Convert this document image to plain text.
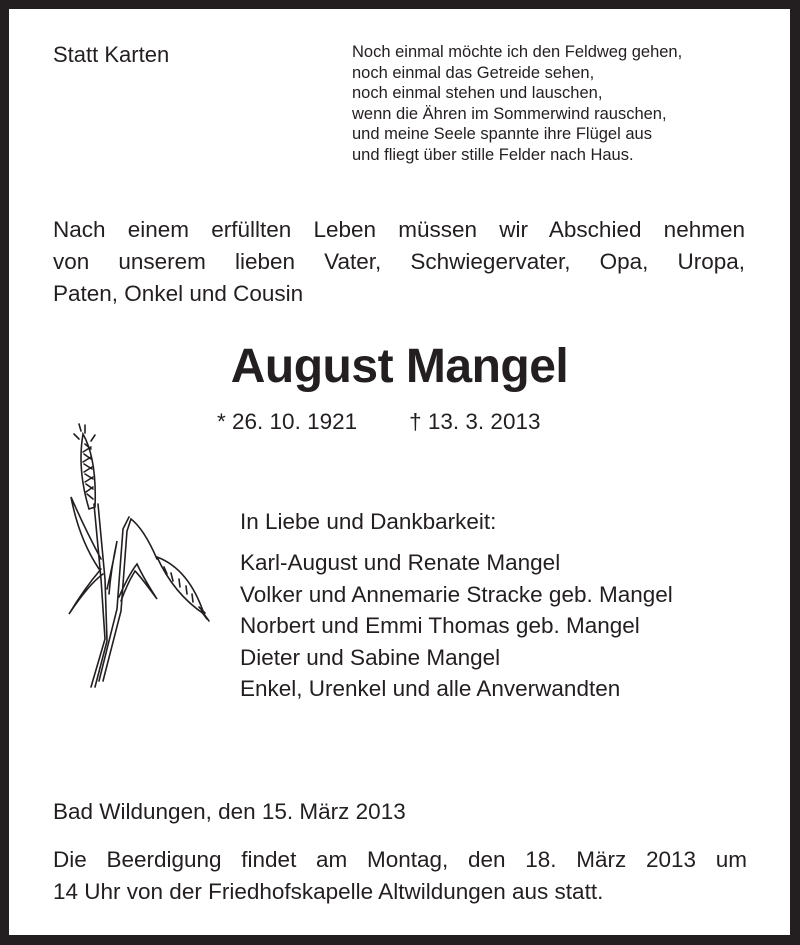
Statt Karten	Noch einmal möchte ich den Feldweg gehen,
noch einmal das Getreide sehen,
noch einmal stehen und lauschen,
wenn die Ähren im Sommerwind rauschen,
und meine Seele spannte ihre Flügel aus
und fliegt über stille Felder nach Haus.
Nach einem erfüllten Leben müssen wir Abschied nehmen
von unserem lieben Vater, Schwiegervater, Opa, Uropa,
Paten, Onkel und Cousin
August Mangel
* 26. 10. 1921 † 13. 3. 2013
In Liebe und Dankbarkeit:
Karl-August und Renate Mangel
Volker und Annemarie Stracke geb. Mangel
Norbert und Emmi Thomas geb. Mangel
Dieter und Sabine Mangel
Enkel, Urenkel und alle Anverwandten
Bad Wildungen, den 15. März 2013
Die Beerdigung findet am Montag, den 18. März 2013 um
14 Uhr von der Friedhofskapelle Altwildungen aus statt.
